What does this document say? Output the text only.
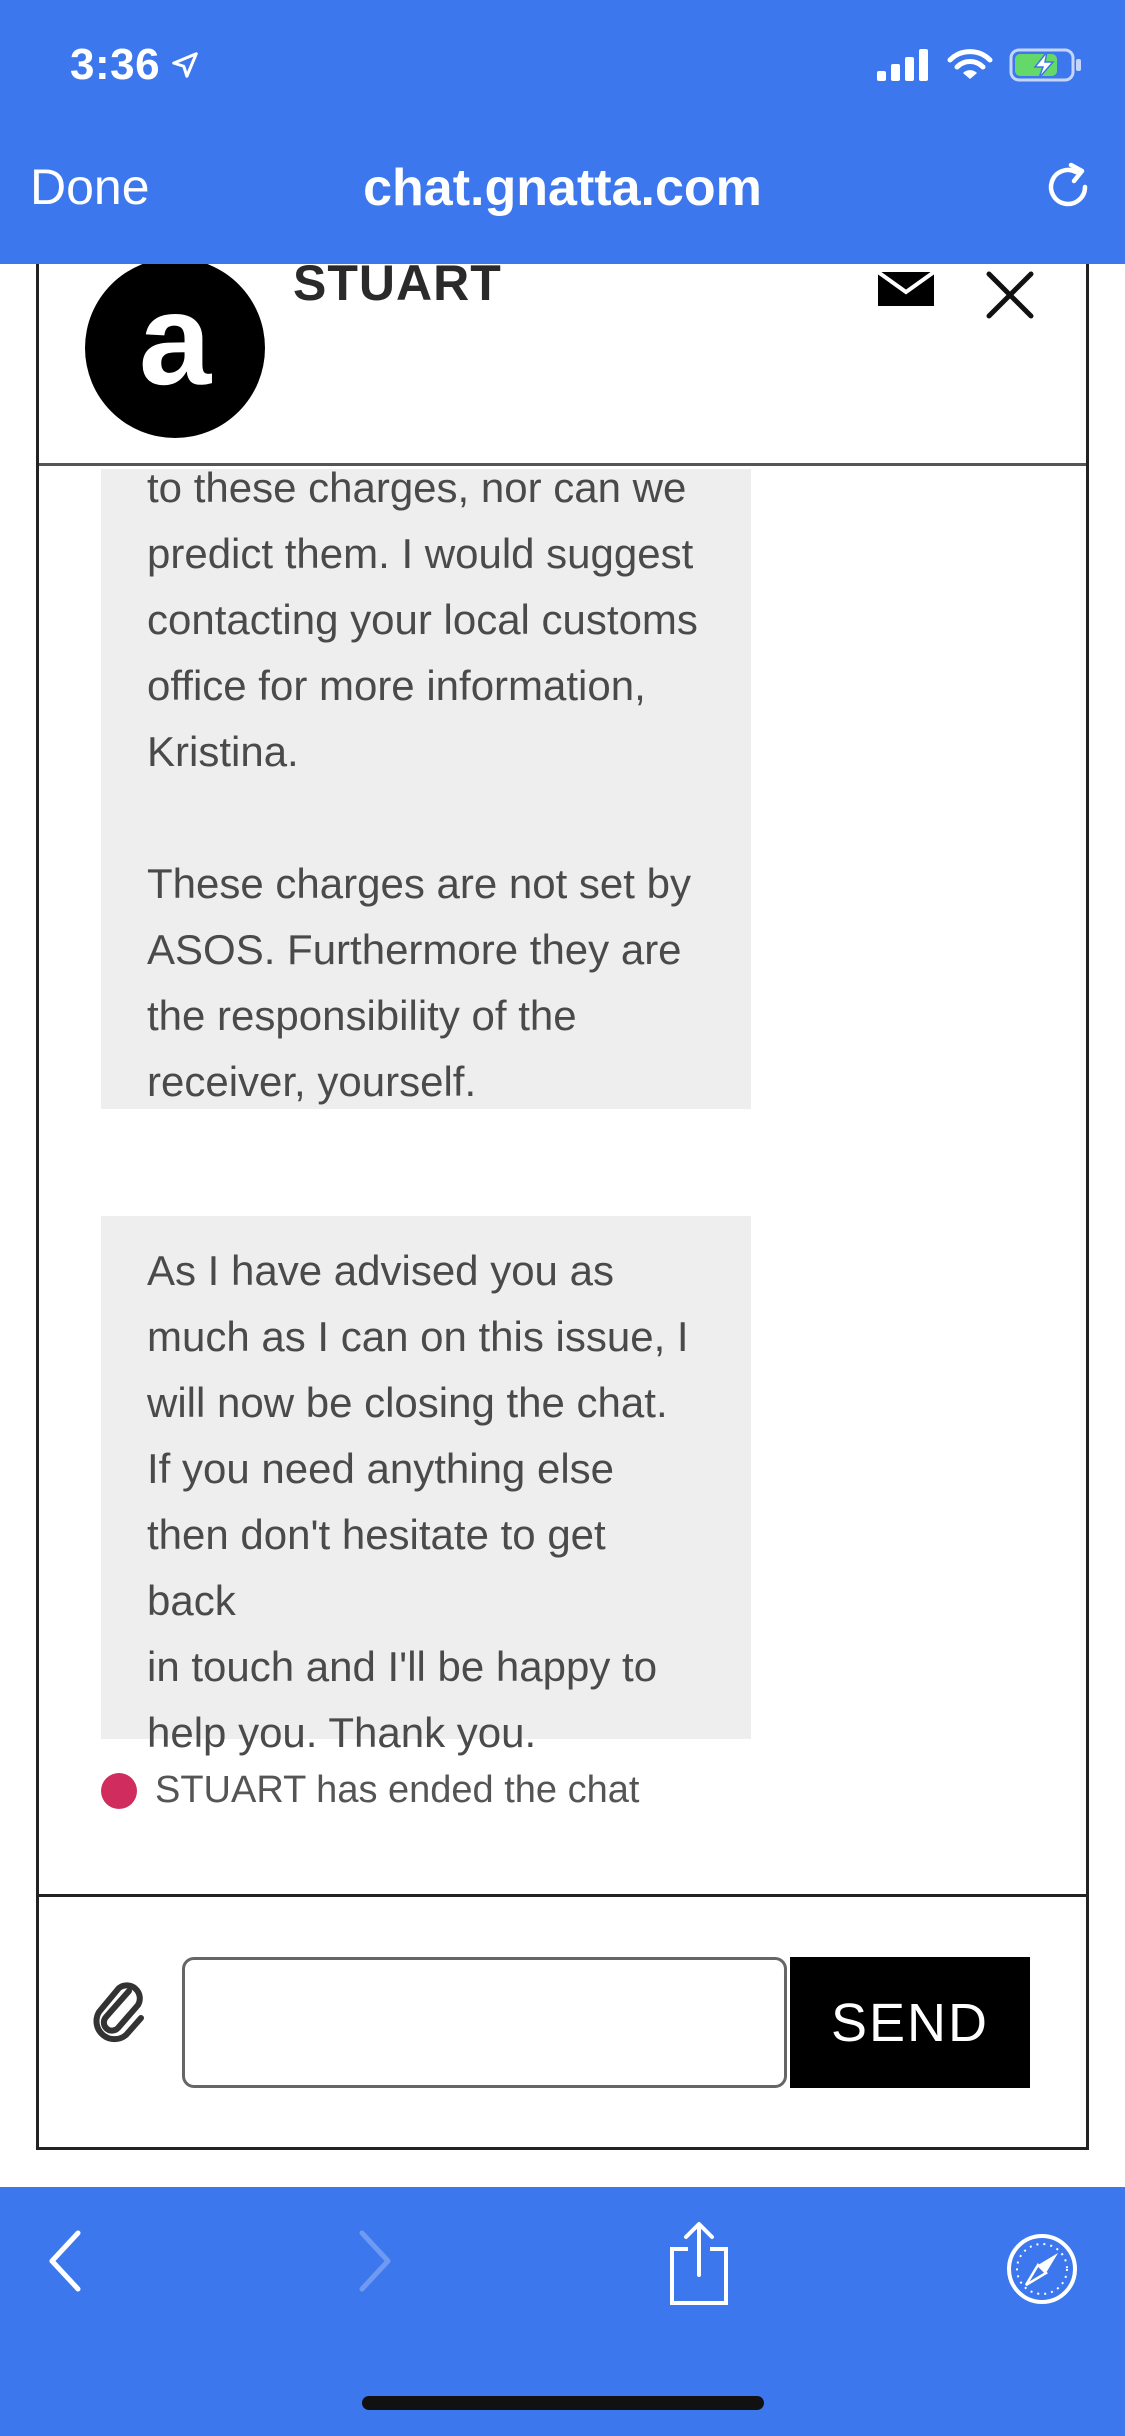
3:36
Done	chat.gnatta.com
a	STUART
to these charges, nor can we
predict them. I would suggest
contacting your local customs
office for more information,
Kristina.

These charges are not set by
ASOS. Furthermore they are
the responsibility of the
receiver, yourself.
As I have advised you as
much as I can on this issue, I
will now be closing the chat.
If you need anything else
then don't hesitate to get back
in touch and I'll be happy to
help you. Thank you.
STUART has ended the chat
SEND
